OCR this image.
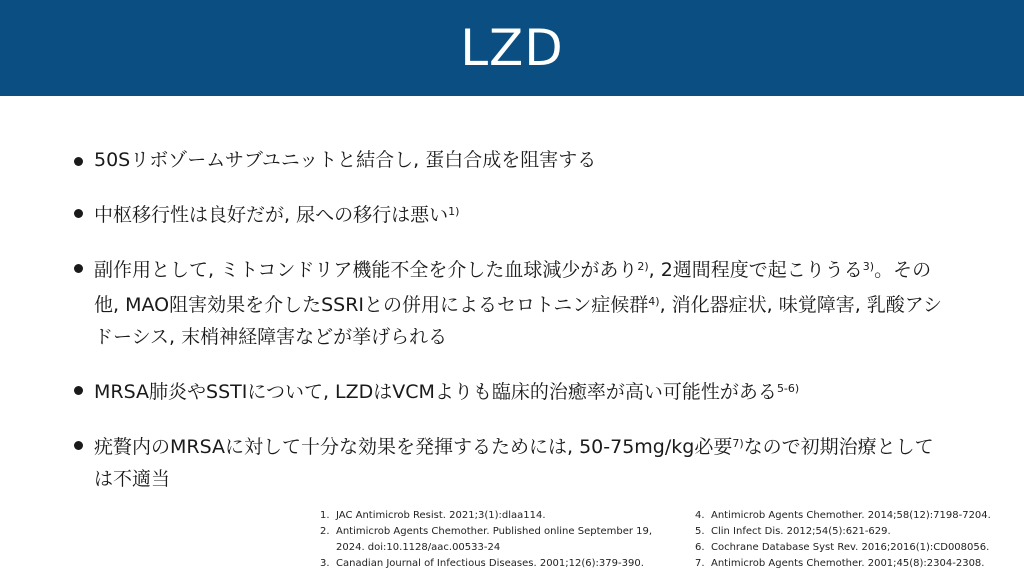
LZD
50Sリボゾームサブユニットと結合し, 蛋白合成を阻害する
中枢移行性は良好だが, 尿への移行は悪い$^{1)}$
副作用として, ミトコンドリア機能不全を介した血球減少があり$^{2)}$, 2週間程度で起こりうる$^{3)}$。その他, MAO阻害効果を介したSSRIとの併用によるセロトニン症候群$^{4)}$, 消化器症状, 味覚障害, 乳酸アシドーシス, 末梢神経障害などが挙げられる
MRSA肺炎やSSTIについて, LZDはVCMよりも臨床的治癒率が高い可能性がある$^{5-6)}$
疣贅内のMRSAに対して十分な効果を発揮するためには, 50-75mg/kg必要$^{7)}$なので初期治療としては不適当
1. JAC Antimicrob Resist. 2021;3(1):dlaa114.
2. Antimicrob Agents Chemother. Published online September 19, 2024. doi:10.1128/aac.00533-24
3. Canadian Journal of Infectious Diseases. 2001;12(6):379-390.
4. Antimicrob Agents Chemother. 2014;58(12):7198-7204.
5. Clin Infect Dis. 2012;54(5):621-629.
6. Cochrane Database Syst Rev. 2016;2016(1):CD008056.
7. Antimicrob Agents Chemother. 2001;45(8):2304-2308.
